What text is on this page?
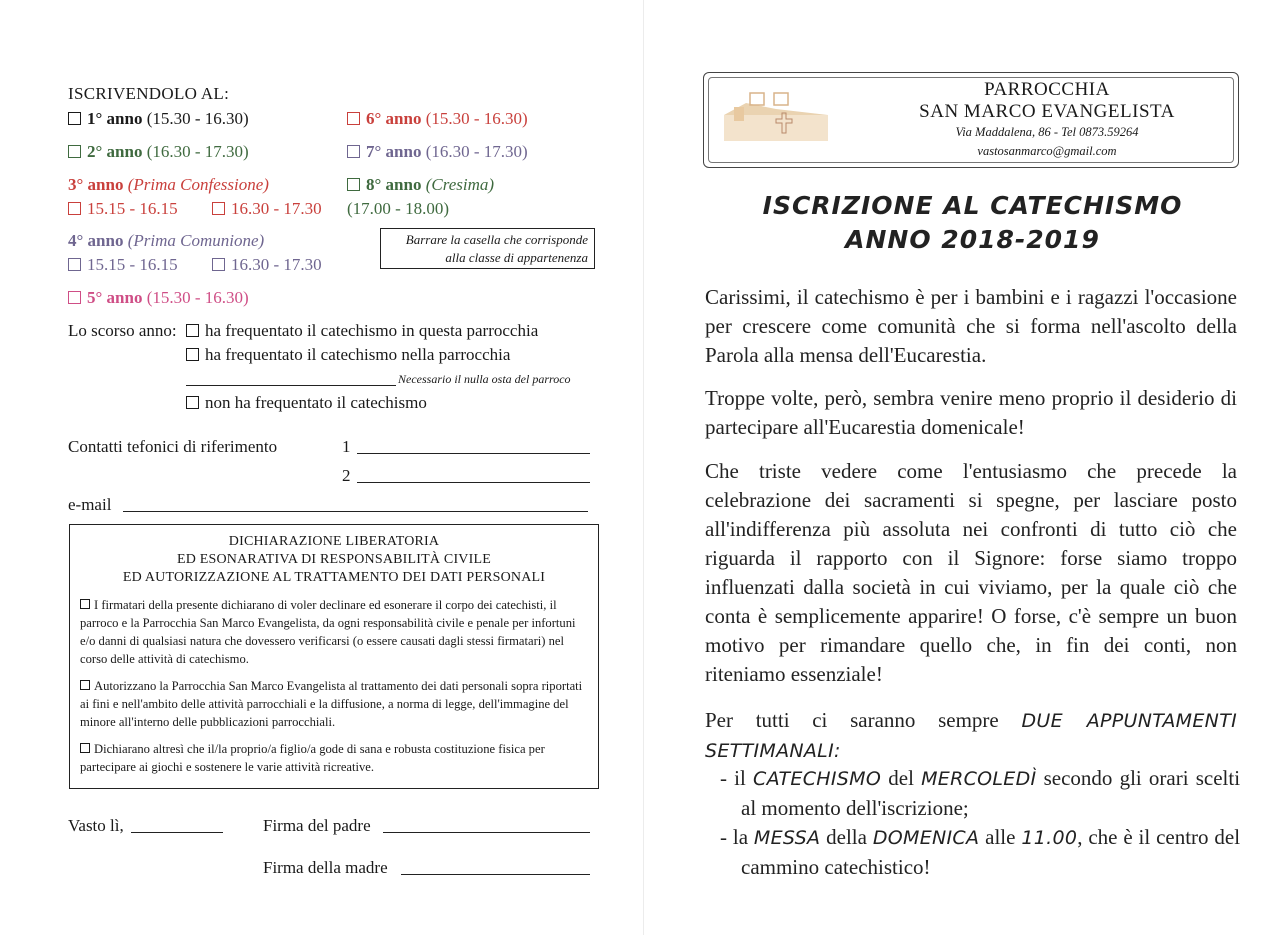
ISCRIVENDOLO AL:
1° anno (15.30 - 16.30)
2° anno (16.30 - 17.30)
3° anno (Prima Confessione)
15.15 - 16.15	16.30 - 17.30
4° anno (Prima Comunione)
15.15 - 16.15	16.30 - 17.30
5° anno (15.30 - 16.30)
6° anno (15.30 - 16.30)
7° anno (16.30 - 17.30)
8° anno (Cresima)
(17.00 - 18.00)
Barrare la casella che corrisponde
alla classe di appartenenza
Lo scorso anno:	ha frequentato il catechismo in questa parrocchia
ha frequentato il catechismo nella parrocchia
Necessario il nulla osta del parroco
non ha frequentato il catechismo
Contatti tefonici di riferimento	1
2
e-mail
DICHIARAZIONE LIBERATORIA
ED ESONARATIVA DI RESPONSABILITÀ CIVILE
ED AUTORIZZAZIONE AL TRATTAMENTO DEI DATI PERSONALI

I firmatari della presente dichiarano di voler declinare ed esonerare il corpo dei catechisti, il parroco e la Parrocchia San Marco Evangelista, da ogni responsabilità civile e penale per infortuni e/o danni di qualsiasi natura che dovessero verificarsi (o essere causati dagli stessi firmatari) nel corso delle attività di catechismo.

Autorizzano la Parrocchia San Marco Evangelista al trattamento dei dati personali sopra riportati ai fini e nell'ambito delle attività parrocchiali e la diffusione, a norma di legge, dell'immagine del minore all'interno delle pubblicazioni parrocchiali.

Dichiarano altresì che il/la proprio/a figlio/a gode di sana e robusta costituzione fisica per partecipare ai giochi e sostenere le varie attività ricreative.

Vasto lì,	Firma del padre
Firma della madre
PARROCCHIA
SAN MARCO EVANGELISTA
Via Maddalena, 86 - Tel 0873.59264
vastosanmarco@gmail.com
ISCRIZIONE AL CATECHISMO
ANNO 2018-2019
Carissimi, il catechismo è per i bambini e i ragazzi l'occasione per crescere come comunità che si forma nell'ascolto della Parola alla mensa dell'Eucarestia.
Troppe volte, però, sembra venire meno proprio il desiderio di partecipare all'Eucarestia domenicale!
Che triste vedere come l'entusiasmo che precede la celebrazione dei sacramenti si spegne, per lasciare posto all'indifferenza più assoluta nei confronti di tutto ciò che riguarda il rapporto con il Signore: forse siamo troppo influenzati dalla società in cui viviamo, per la quale ciò che conta è semplicemente apparire! O forse, c'è sempre un buon motivo per rimandare quello che, in fin dei conti, non riteniamo essenziale!
Per tutti ci saranno sempre DUE APPUNTAMENTI SETTIMANALI:
- il CATECHISMO del MERCOLEDÌ secondo gli orari scelti al momento dell'iscrizione;
- la MESSA della DOMENICA alle 11.00, che è il centro del cammino catechistico!
